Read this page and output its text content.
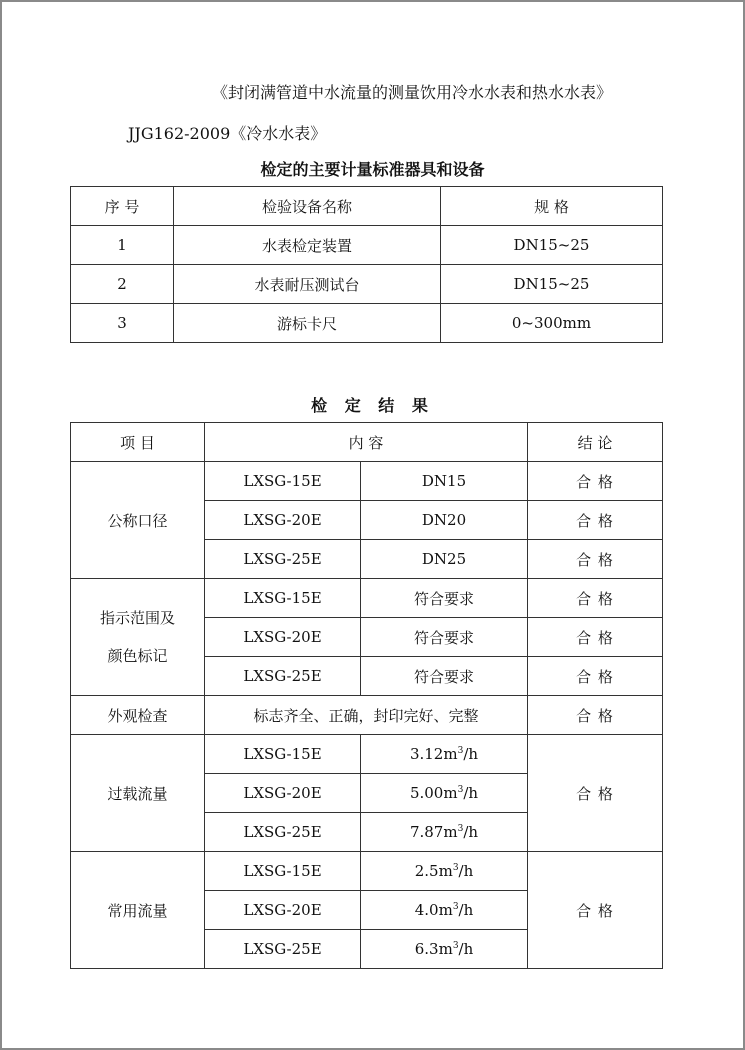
《封闭满管道中水流量的测量饮用冷水水表和热水水表》
JJG162-2009《冷水水表》
检定的主要计量标准器具和设备
序 号	检验设备名称	规 格
1	水表检定装置	DN15~25
2	水表耐压测试台	DN15~25
3	游标卡尺	0~300mm
检 定 结 果
项 目	内 容		结 论
公称口径	LXSG-15E	DN15	合 格
	LXSG-20E	DN20	合 格
	LXSG-25E	DN25	合 格
指示范围及
颜色标记	LXSG-15E	符合要求	合 格
	LXSG-20E	符合要求	合 格
	LXSG-25E	符合要求	合 格
外观检查	标志齐全、正确，封印完好、完整		合 格
过载流量	LXSG-15E	$3.12m^3/h$	合 格
	LXSG-20E	$5.00m^3/h$	
	LXSG-25E	$7.87m^3/h$	
常用流量	LXSG-15E	$2.5m^3/h$	合 格
	LXSG-20E	$4.0m^3/h$	
	LXSG-25E	$6.3m^3/h$	
